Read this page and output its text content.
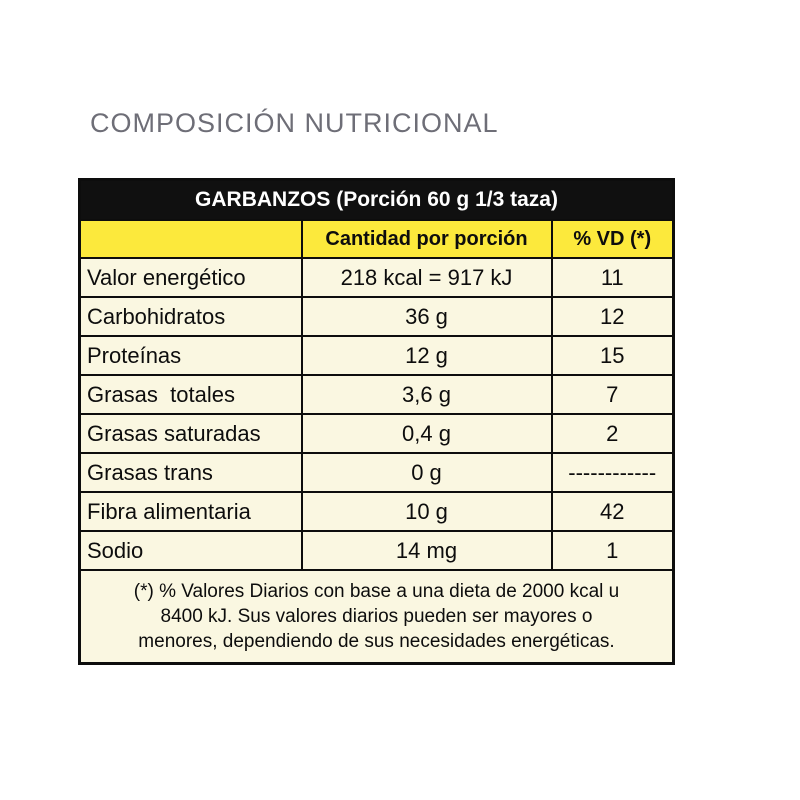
COMPOSICIÓN NUTRICIONAL
GARBANZOS (Porción 60 g 1/3 taza)		
	Cantidad por porción	% VD (*)
Valor energético	218 kcal = 917 kJ	11
Carbohidratos	36 g	12
Proteínas	12 g	15
Grasas  totales	3,6 g	7
Grasas saturadas	0,4 g	2
Grasas trans	0 g	------------
Fibra alimentaria	10 g	42
Sodio	14 mg	1
(*) % Valores Diarios con base a una dieta de 2000 kcal u 8400 kJ. Sus valores diarios pueden ser mayores o menores, dependiendo de sus necesidades energéticas.		
